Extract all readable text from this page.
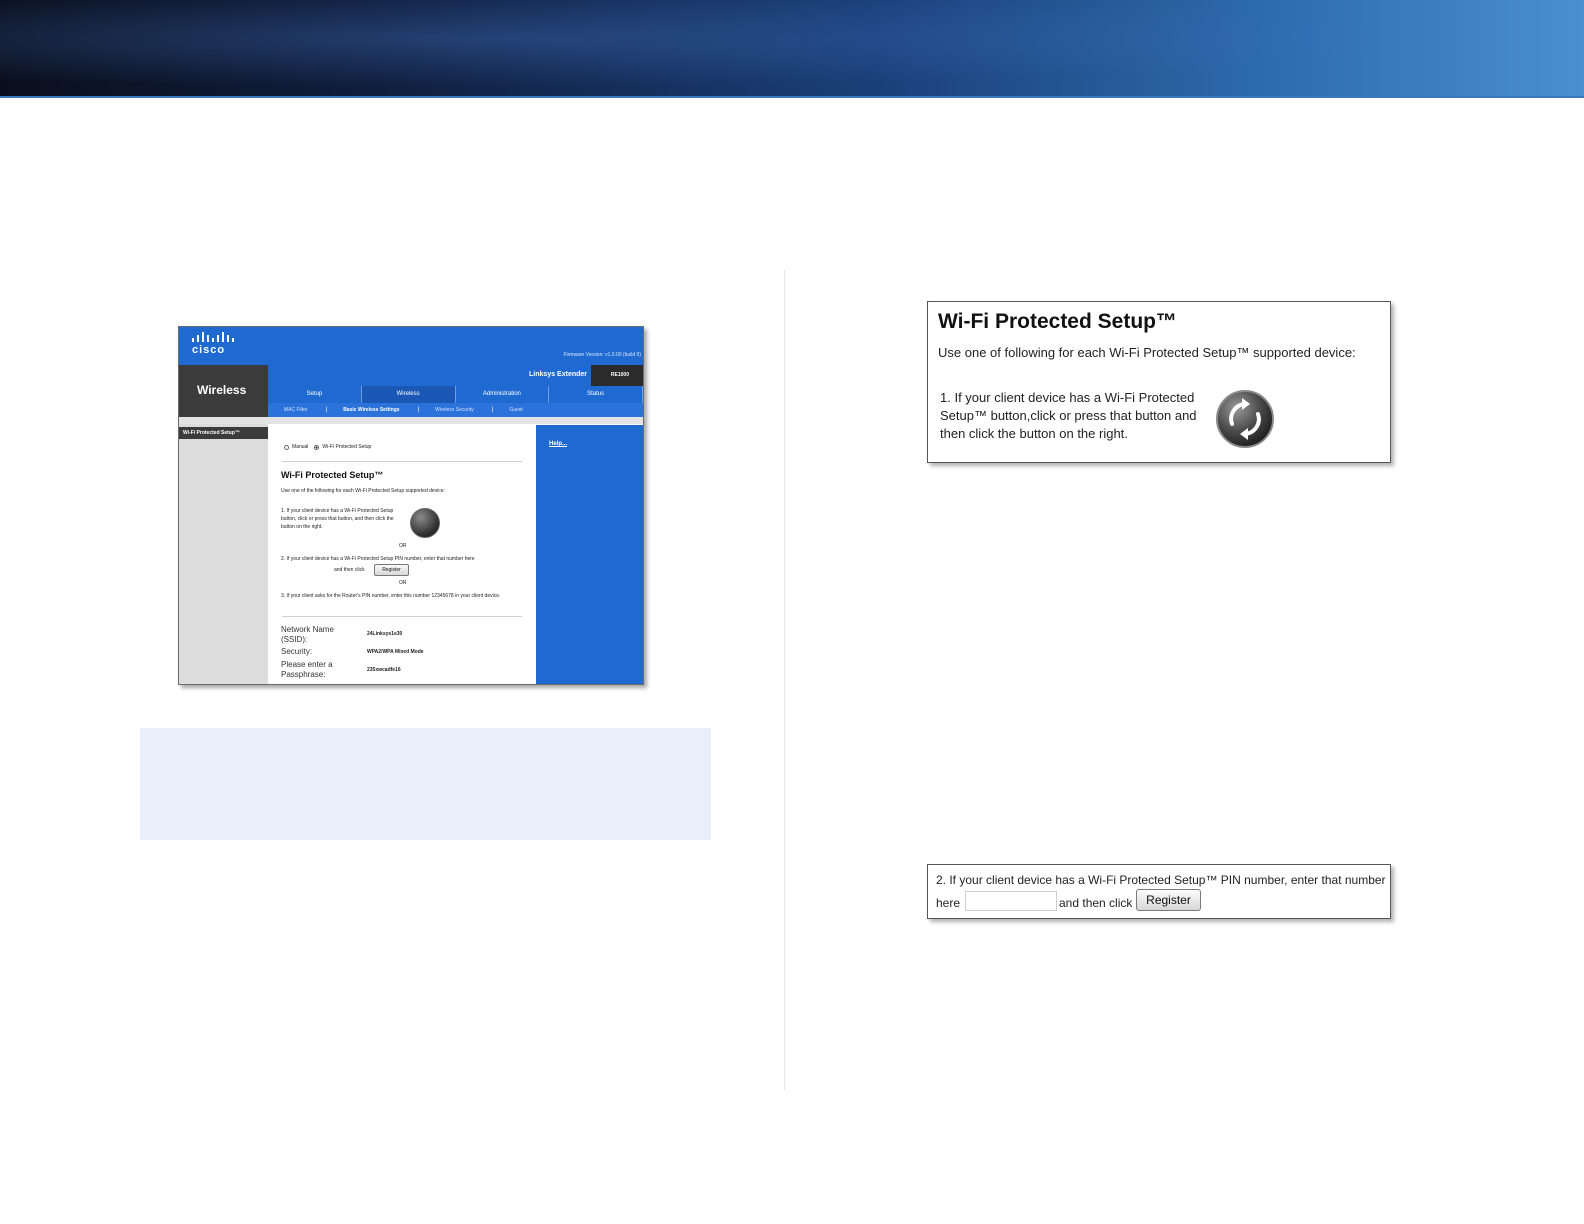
cisco	Firmware Version: v1.0.00 (build 9)
Wireless
Linksys Extender	RE1000
Setup	Wireless	Administration	Status
MAC Filter	|	Basic Wireless Settings	|	Wireless Security	|	Guest
Wi-Fi Protected Setup™
Help...
Manual	Wi-Fi Protected Setup
Wi-Fi Protected Setup™
Use one of the following for each Wi-Fi Protected Setup supported device:
1. If your client device has a Wi-Fi Protected Setup button, click or press that button, and then click the button on the right.
OR
2. If your client device has a Wi-Fi Protected Setup PIN number, enter that number here
and then click	Register
OR
3. If your client asks for the Router's PIN number, enter this number 12345678 in your client device.
Network Name (SSID):
24Linksys1e30
Security:	WPA2/WPA Mixed Mode
Please enter a Passphrase:	235xwcadfe16
Wi-Fi Protected Setup™
Use one of following for each Wi-Fi Protected Setup™ supported device:
1. If your client device has a Wi-Fi Protected Setup™ button,click or press that button and then click the button on the right.
2. If your client device has a Wi-Fi Protected Setup™ PIN number, enter that number
here	and then click	Register
